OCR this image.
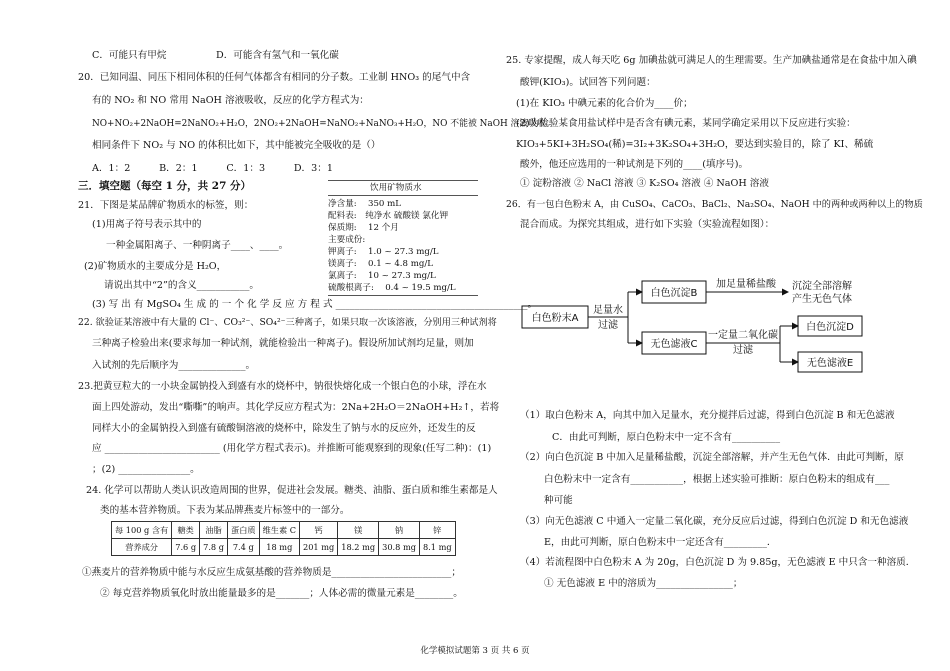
C．可能只有甲烷	D．可能含有氢气和一氧化碳
20．已知同温、同压下相同体积的任何气体都含有相同的分子数。工业制 HNO₃ 的尾气中含
有的 NO₂ 和 NO 常用 NaOH 溶液吸收，反应的化学方程式为：
NO+NO₂+2NaOH=2NaNO₂+H₂O，2NO₂+2NaOH=NaNO₂+NaNO₃+H₂O，NO 不能被 NaOH 溶液吸收。
相同条件下 NO₂ 与 NO 的体积比如下，其中能被完全吸收的是（）
A．1：2　　　B．2：1　　　C．1：3　　　D．3：1
三．填空题（每空 1 分，共 27 分）
21．下图是某品牌矿物质水的标签，则：
(1)用离子符号表示其中的
一种金属阳离子、一种阴离子____、____。
(2)矿物质水的主要成分是 H₂O，
请说出其中“2”的含义___________。
(3) 写 出 有 MgSO₄ 生 成 的 一 个 化 学 反 应 方 程 式 ________________________________________。
22. 欲验证某溶液中有大量的 Cl⁻、CO₃²⁻、SO₄²⁻三种离子，如果只取一次该溶液，分别用三种试剂将
三种离子检验出来(要求每加一种试剂，就能检验出一种离子)。假设所加试剂均足量，则加
入试剂的先后顺序为______________。
23.把黄豆粒大的一小块金属钠投入到盛有水的烧杯中，钠很快熔化成一个银白色的小球，浮在水
面上四处游动，发出“嘶嘶”的响声。其化学反应方程式为：2Na+2H₂O＝2NaOH+H₂↑，若将
同样大小的金属钠投入到盛有硫酸铜溶液的烧杯中，除发生了钠与水的反应外，还发生的反
应 ________________________ (用化学方程式表示)。并推断可能观察到的现象(任写二种)：(1)
；(2) _______________。
24. 化学可以帮助人类认识改造周围的世界，促进社会发展。糖类、油脂、蛋白质和维生素都是人
类的基本营养物质。下表为某品牌燕麦片标签中的一部分。
①燕麦片的营养物质中能与水反应生成氨基酸的营养物质是_________________________；
② 每克营养物质氧化时放出能量最多的是_______；人体必需的微量元素是________。
饮用矿物质水
净含量:　 350 mL
配料表:　纯净水 硫酸镁 氯化钾
保质期:　 12 个月
主要成份:
钾离子:　 1.0 ~ 27.3 mg/L
镁离子:　 0.1 ~ 4.8 mg/L
氯离子:　 10 ~ 27.3 mg/L
硫酸根离子:　 0.4 ~ 19.5 mg/L
每 100 g 含有	糖类	油脂	蛋白质	维生素 C	钙	镁	钠	锌
营养成分	7.6 g	7.8 g	7.4 g	18 mg	201 mg	18.2 mg	30.8 mg	8.1 mg
25. 专家提醒，成人每天吃 6g 加碘盐就可满足人的生理需要。生产加碘盐通常是在食盐中加入碘
酸钾(KIO₃)。试回答下列问题：
(1)在 KIO₃ 中碘元素的化合价为____价；
(2)为检验某食用盐试样中是否含有碘元素，某同学确定采用以下反应进行实验：
KIO₃+5KI+3H₂SO₄(稀)=3I₂+3K₂SO₄+3H₂O，要达到实验目的，除了 KI、稀硫
酸外，他还应选用的一种试剂是下列的____(填序号)。
① 淀粉溶液 ② NaCl 溶液 ③ K₂SO₄ 溶液 ④ NaOH 溶液
26．有一包白色粉末 A，由 CuSO₄、CaCO₃、BaCl₂、Na₂SO₄、NaOH 中的两种或两种以上的物质
混合而成。为探究其组成，进行如下实验（实验流程如图）：
（1）取白色粉末 A，向其中加入足量水，充分搅拌后过滤，得到白色沉淀 B 和无色滤液
C．由此可判断，原白色粉末中一定不含有__________
（2）向白色沉淀 B 中加入足量稀盐酸，沉淀全部溶解，并产生无色气体．由此可判断，原
白色粉末中一定含有___________，根据上述实验可推断：原白色粉末的组成有___
种可能
（3）向无色滤液 C 中通入一定量二氧化碳，充分反应后过滤，得到白色沉淀 D 和无色滤液
E，由此可判断，原白色粉末中一定还含有_________．
（4）若流程图中白色粉末 A 为 20g，白色沉淀 D 为 9.85g，无色滤液 E 中只含一种溶质．
① 无色滤液 E 中的溶质为________________；
白色粉末A
足量水
过滤
白色沉淀B
加足量稀盐酸 沉淀全部溶解
产生无色气体
无色滤液C
一定量二氧化碳
过滤
白色沉淀D
无色滤液E
化学模拟试题第 3 页 共 6 页
